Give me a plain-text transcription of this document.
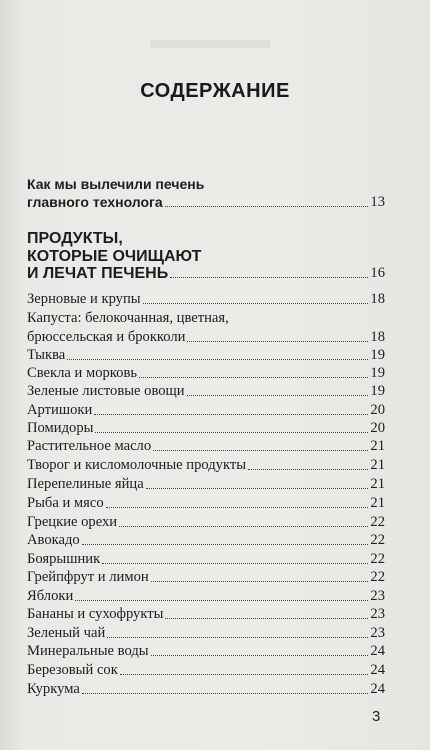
СОДЕРЖАНИЕ
Как мы вылечили печень
главного технолога	13
ПРОДУКТЫ,
КОТОРЫЕ ОЧИЩАЮТ
И ЛЕЧАТ ПЕЧЕНЬ	16
Зерновые и крупы	18
Капуста: белокочанная, цветная,
брюссельская и брокколи	18
Тыква	19
Свекла и морковь	19
Зеленые листовые овощи	19
Артишоки	20
Помидоры	20
Растительное масло	21
Творог и кисломолочные продукты	21
Перепелиные яйца	21
Рыба и мясо	21
Грецкие орехи	22
Авокадо	22
Боярышник	22
Грейпфрут и лимон	22
Яблоки	23
Бананы и сухофрукты	23
Зеленый чай	23
Минеральные воды	24
Березовый сок	24
Куркума	24
3
